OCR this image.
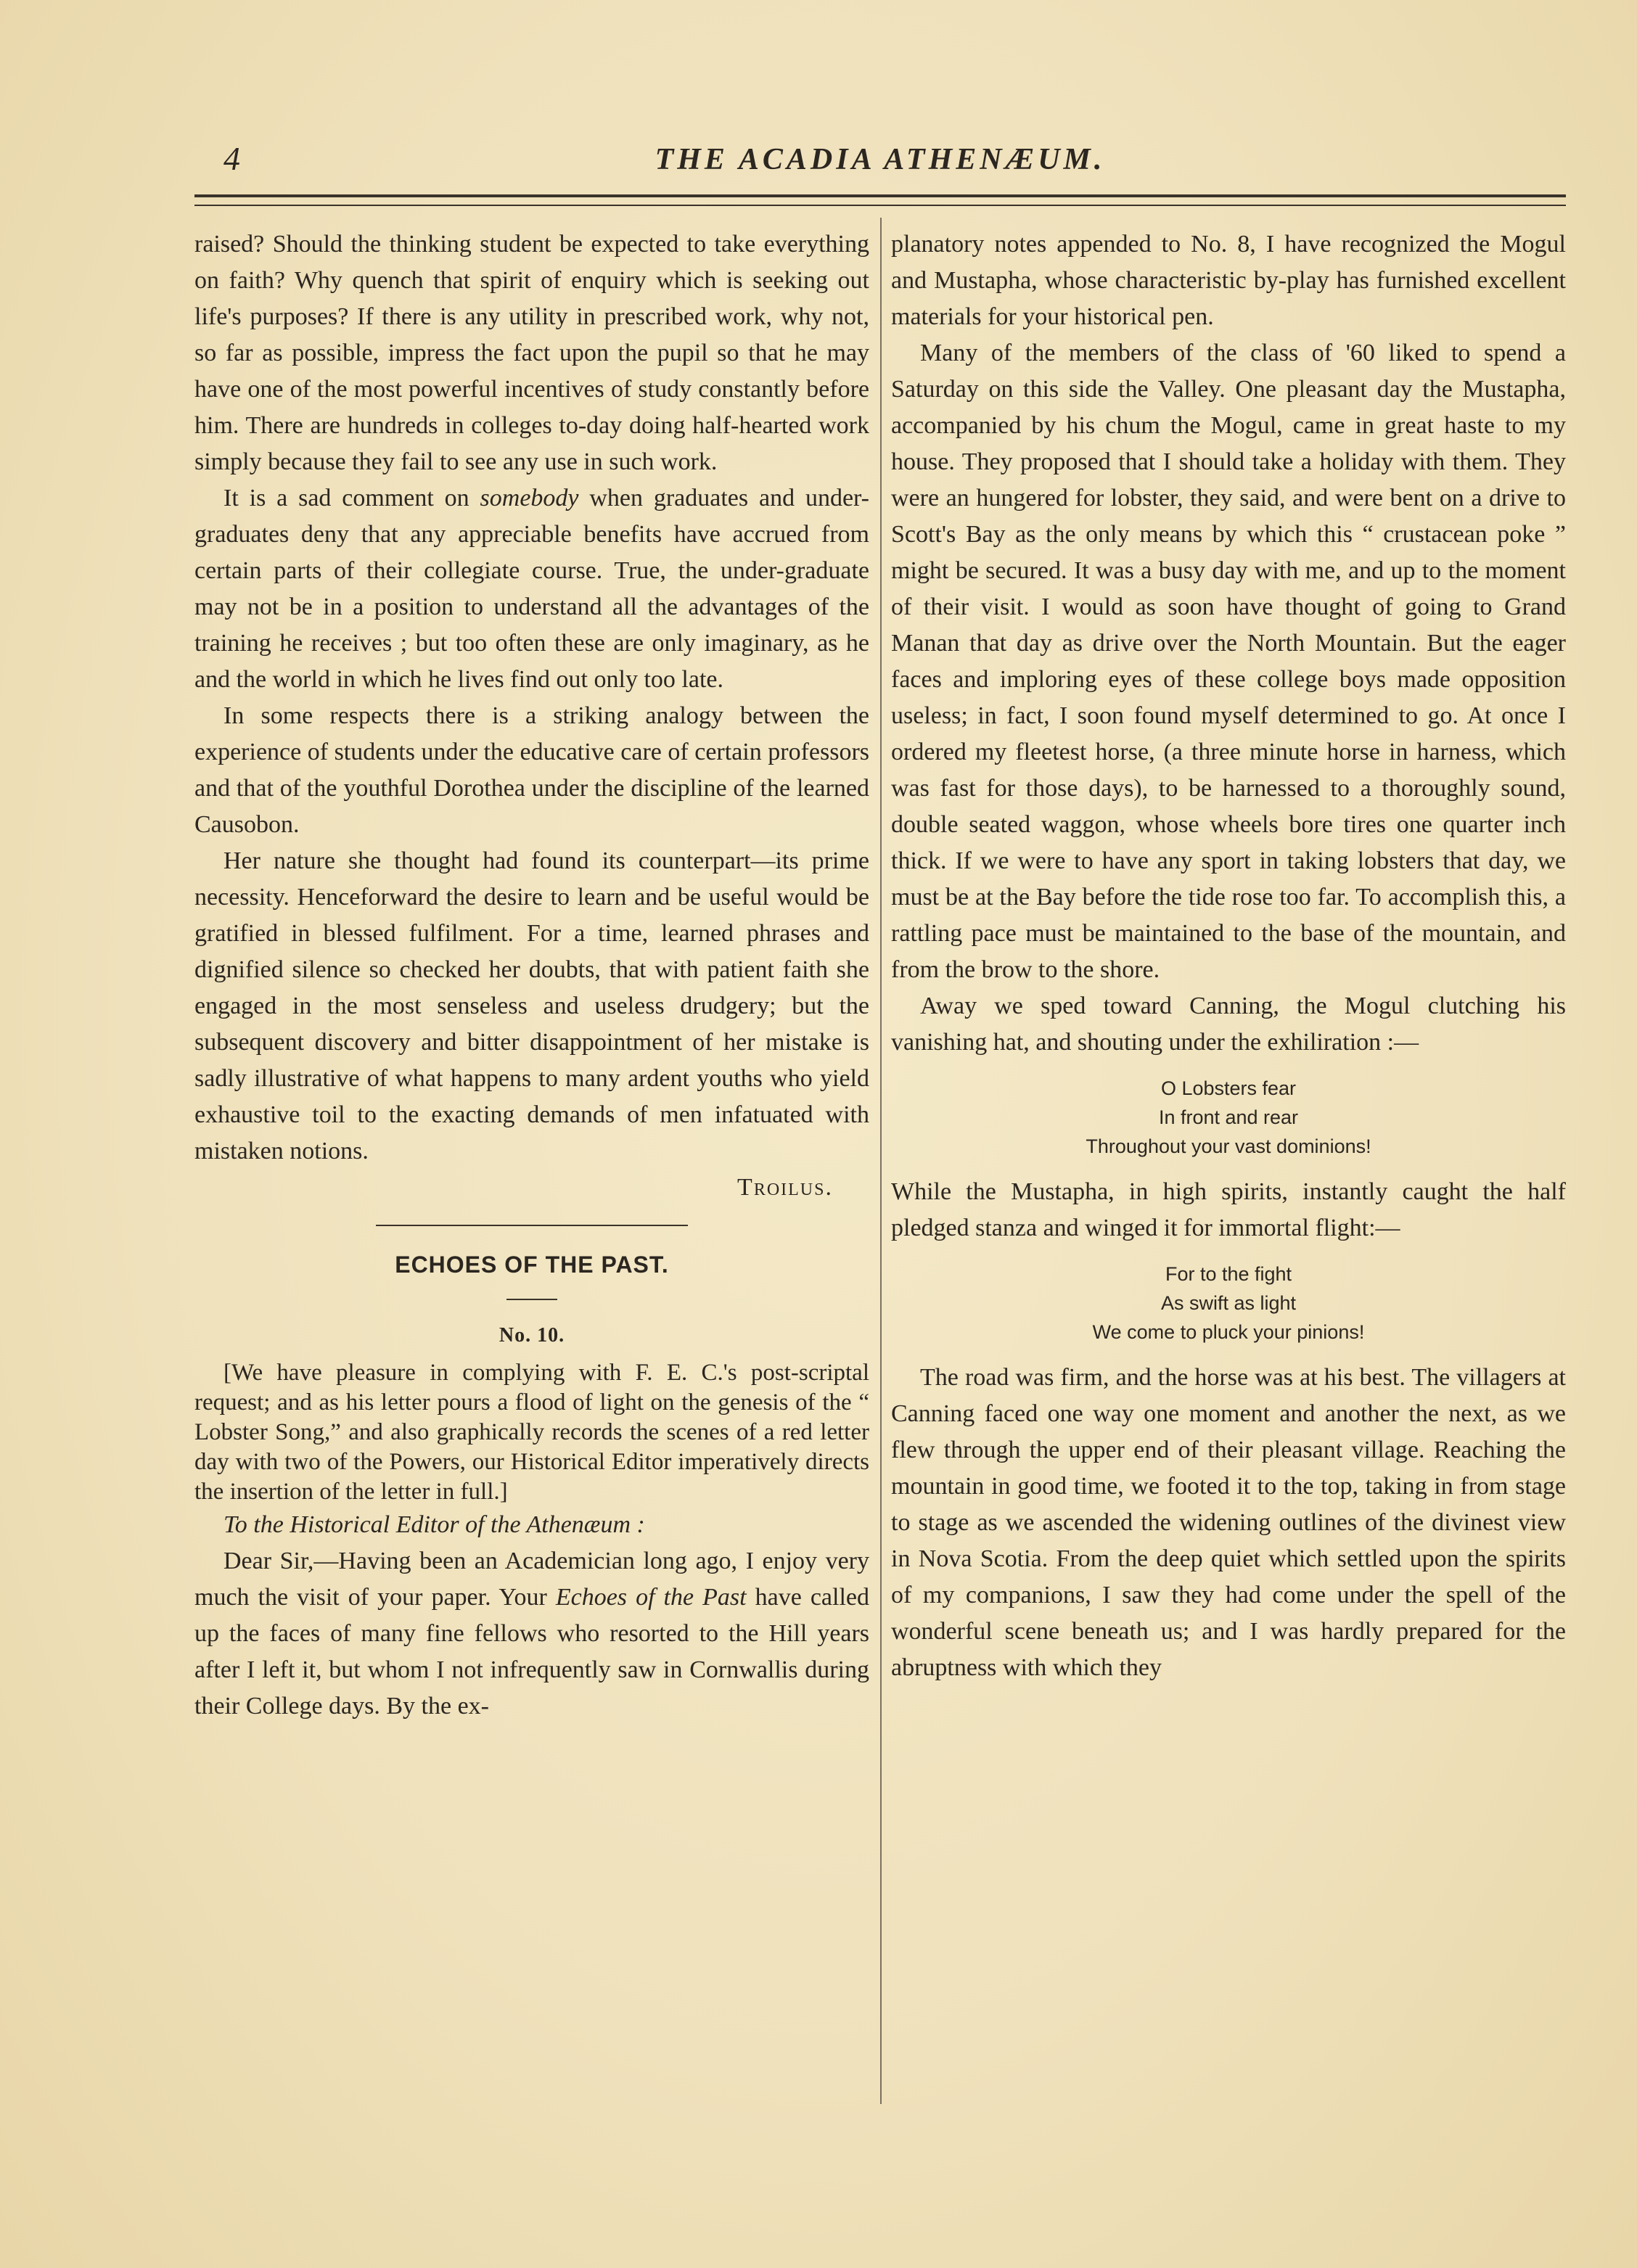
4	THE ACADIA ATHENÆUM.

raised? Should the thinking student be expected to take everything on faith? Why quench that spirit of enquiry which is seeking out life's purposes? If there is any utility in prescribed work, why not, so far as possible, impress the fact upon the pupil so that he may have one of the most powerful incentives of study constantly before him. There are hundreds in colleges to-day doing half-hearted work simply because they fail to see any use in such work.

It is a sad comment on somebody when graduates and under-graduates deny that any appreciable benefits have accrued from certain parts of their collegiate course. True, the under-graduate may not be in a position to understand all the advantages of the training he receives ; but too often these are only imaginary, as he and the world in which he lives find out only too late.

In some respects there is a striking analogy between the experience of students under the educative care of certain professors and that of the youthful Dorothea under the discipline of the learned Causobon.

Her nature she thought had found its counterpart—its prime necessity. Henceforward the desire to learn and be useful would be gratified in blessed fulfilment. For a time, learned phrases and dignified silence so checked her doubts, that with patient faith she engaged in the most senseless and useless drudgery; but the subsequent discovery and bitter disappointment of her mistake is sadly illustrative of what happens to many ardent youths who yield exhaustive toil to the exacting demands of men infatuated with mistaken notions.

Troilus.

ECHOES OF THE PAST.
No. 10.

[We have pleasure in complying with F. E. C.'s post-scriptal request; and as his letter pours a flood of light on the genesis of the “ Lobster Song,” and also graphically records the scenes of a red letter day with two of the Powers, our Historical Editor imperatively directs the insertion of the letter in full.]

To the Historical Editor of the Athenæum :

Dear Sir,—Having been an Academician long ago, I enjoy very much the visit of your paper. Your Echoes of the Past have called up the faces of many fine fellows who resorted to the Hill years after I left it, but whom I not infrequently saw in Cornwallis during their College days. By the ex-

planatory notes appended to No. 8, I have recognized the Mogul and Mustapha, whose characteristic by-play has furnished excellent materials for your historical pen.

Many of the members of the class of '60 liked to spend a Saturday on this side the Valley. One pleasant day the Mustapha, accompanied by his chum the Mogul, came in great haste to my house. They proposed that I should take a holiday with them. They were an hungered for lobster, they said, and were bent on a drive to Scott's Bay as the only means by which this “ crustacean poke ” might be secured. It was a busy day with me, and up to the moment of their visit. I would as soon have thought of going to Grand Manan that day as drive over the North Mountain. But the eager faces and imploring eyes of these college boys made opposition useless; in fact, I soon found myself determined to go. At once I ordered my fleetest horse, (a three minute horse in harness, which was fast for those days), to be harnessed to a thoroughly sound, double seated waggon, whose wheels bore tires one quarter inch thick. If we were to have any sport in taking lobsters that day, we must be at the Bay before the tide rose too far. To accomplish this, a rattling pace must be maintained to the base of the mountain, and from the brow to the shore.

Away we sped toward Canning, the Mogul clutching his vanishing hat, and shouting under the exhiliration :—

O Lobsters fear
In front and rear
Throughout your vast dominions!

While the Mustapha, in high spirits, instantly caught the half pledged stanza and winged it for immortal flight:—

For to the fight
As swift as light
We come to pluck your pinions!

The road was firm, and the horse was at his best. The villagers at Canning faced one way one moment and another the next, as we flew through the upper end of their pleasant village. Reaching the mountain in good time, we footed it to the top, taking in from stage to stage as we ascended the widening outlines of the divinest view in Nova Scotia. From the deep quiet which settled upon the spirits of my companions, I saw they had come under the spell of the wonderful scene beneath us; and I was hardly prepared for the abruptness with which they
